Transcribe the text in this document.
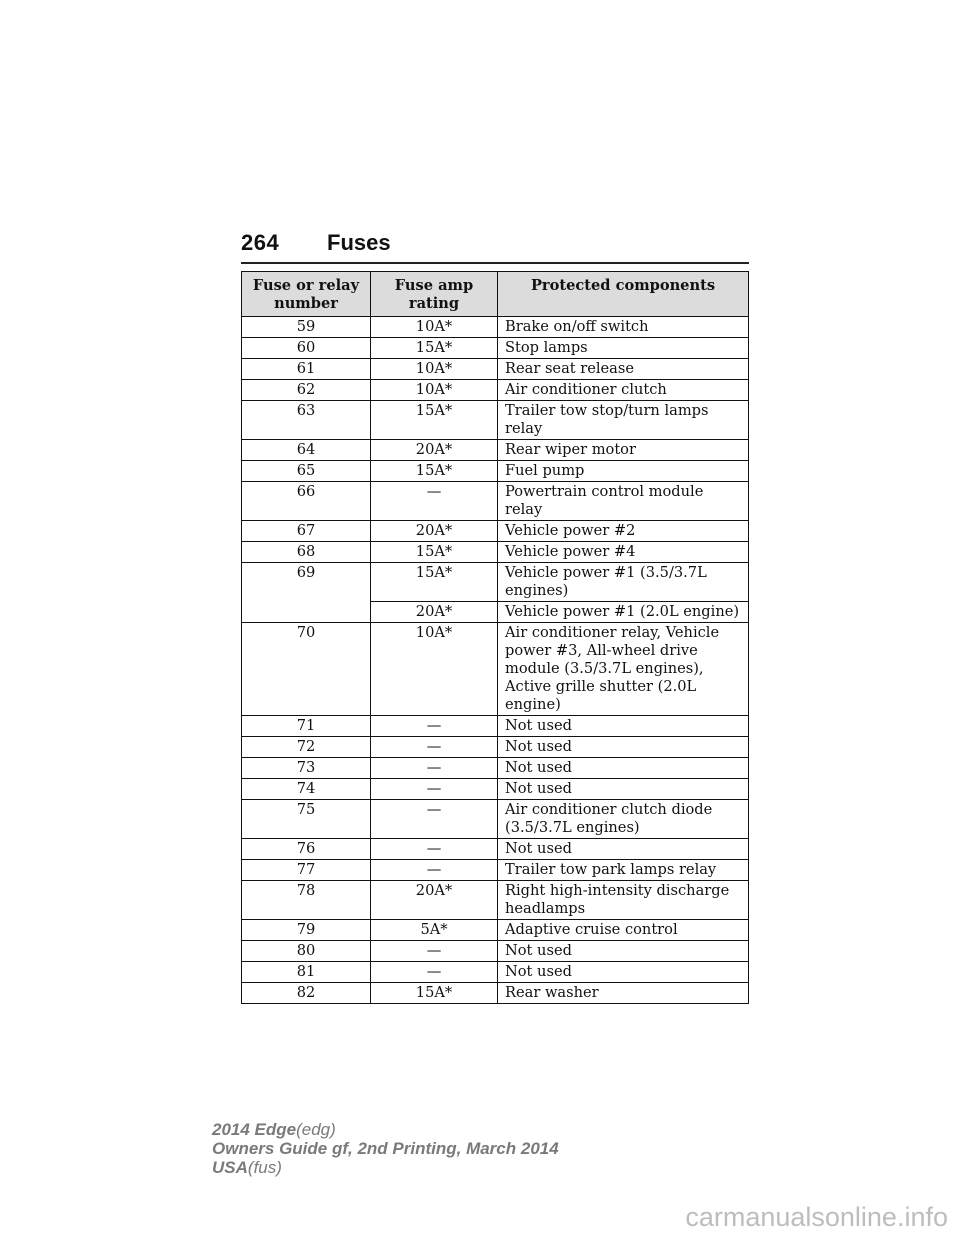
264 Fuses
Fuse or relay number	Fuse amp rating	Protected components
59	10A*	Brake on/off switch
60	15A*	Stop lamps
61	10A*	Rear seat release
62	10A*	Air conditioner clutch
63	15A*	Trailer tow stop/turn lamps relay
64	20A*	Rear wiper motor
65	15A*	Fuel pump
66	—	Powertrain control module relay
67	20A*	Vehicle power #2
68	15A*	Vehicle power #4
69	15A*	Vehicle power #1 (3.5/3.7L engines)
	20A*	Vehicle power #1 (2.0L engine)
70	10A*	Air conditioner relay, Vehicle power #3, All-wheel drive module (3.5/3.7L engines), Active grille shutter (2.0L engine)
71	—	Not used
72	—	Not used
73	—	Not used
74	—	Not used
75	—	Air conditioner clutch diode (3.5/3.7L engines)
76	—	Not used
77	—	Trailer tow park lamps relay
78	20A*	Right high-intensity discharge headlamps
79	5A*	Adaptive cruise control
80	—	Not used
81	—	Not used
82	15A*	Rear washer
2014 Edge(edg)
Owners Guide gf, 2nd Printing, March 2014
USA(fus)
carmanualsonline.info
